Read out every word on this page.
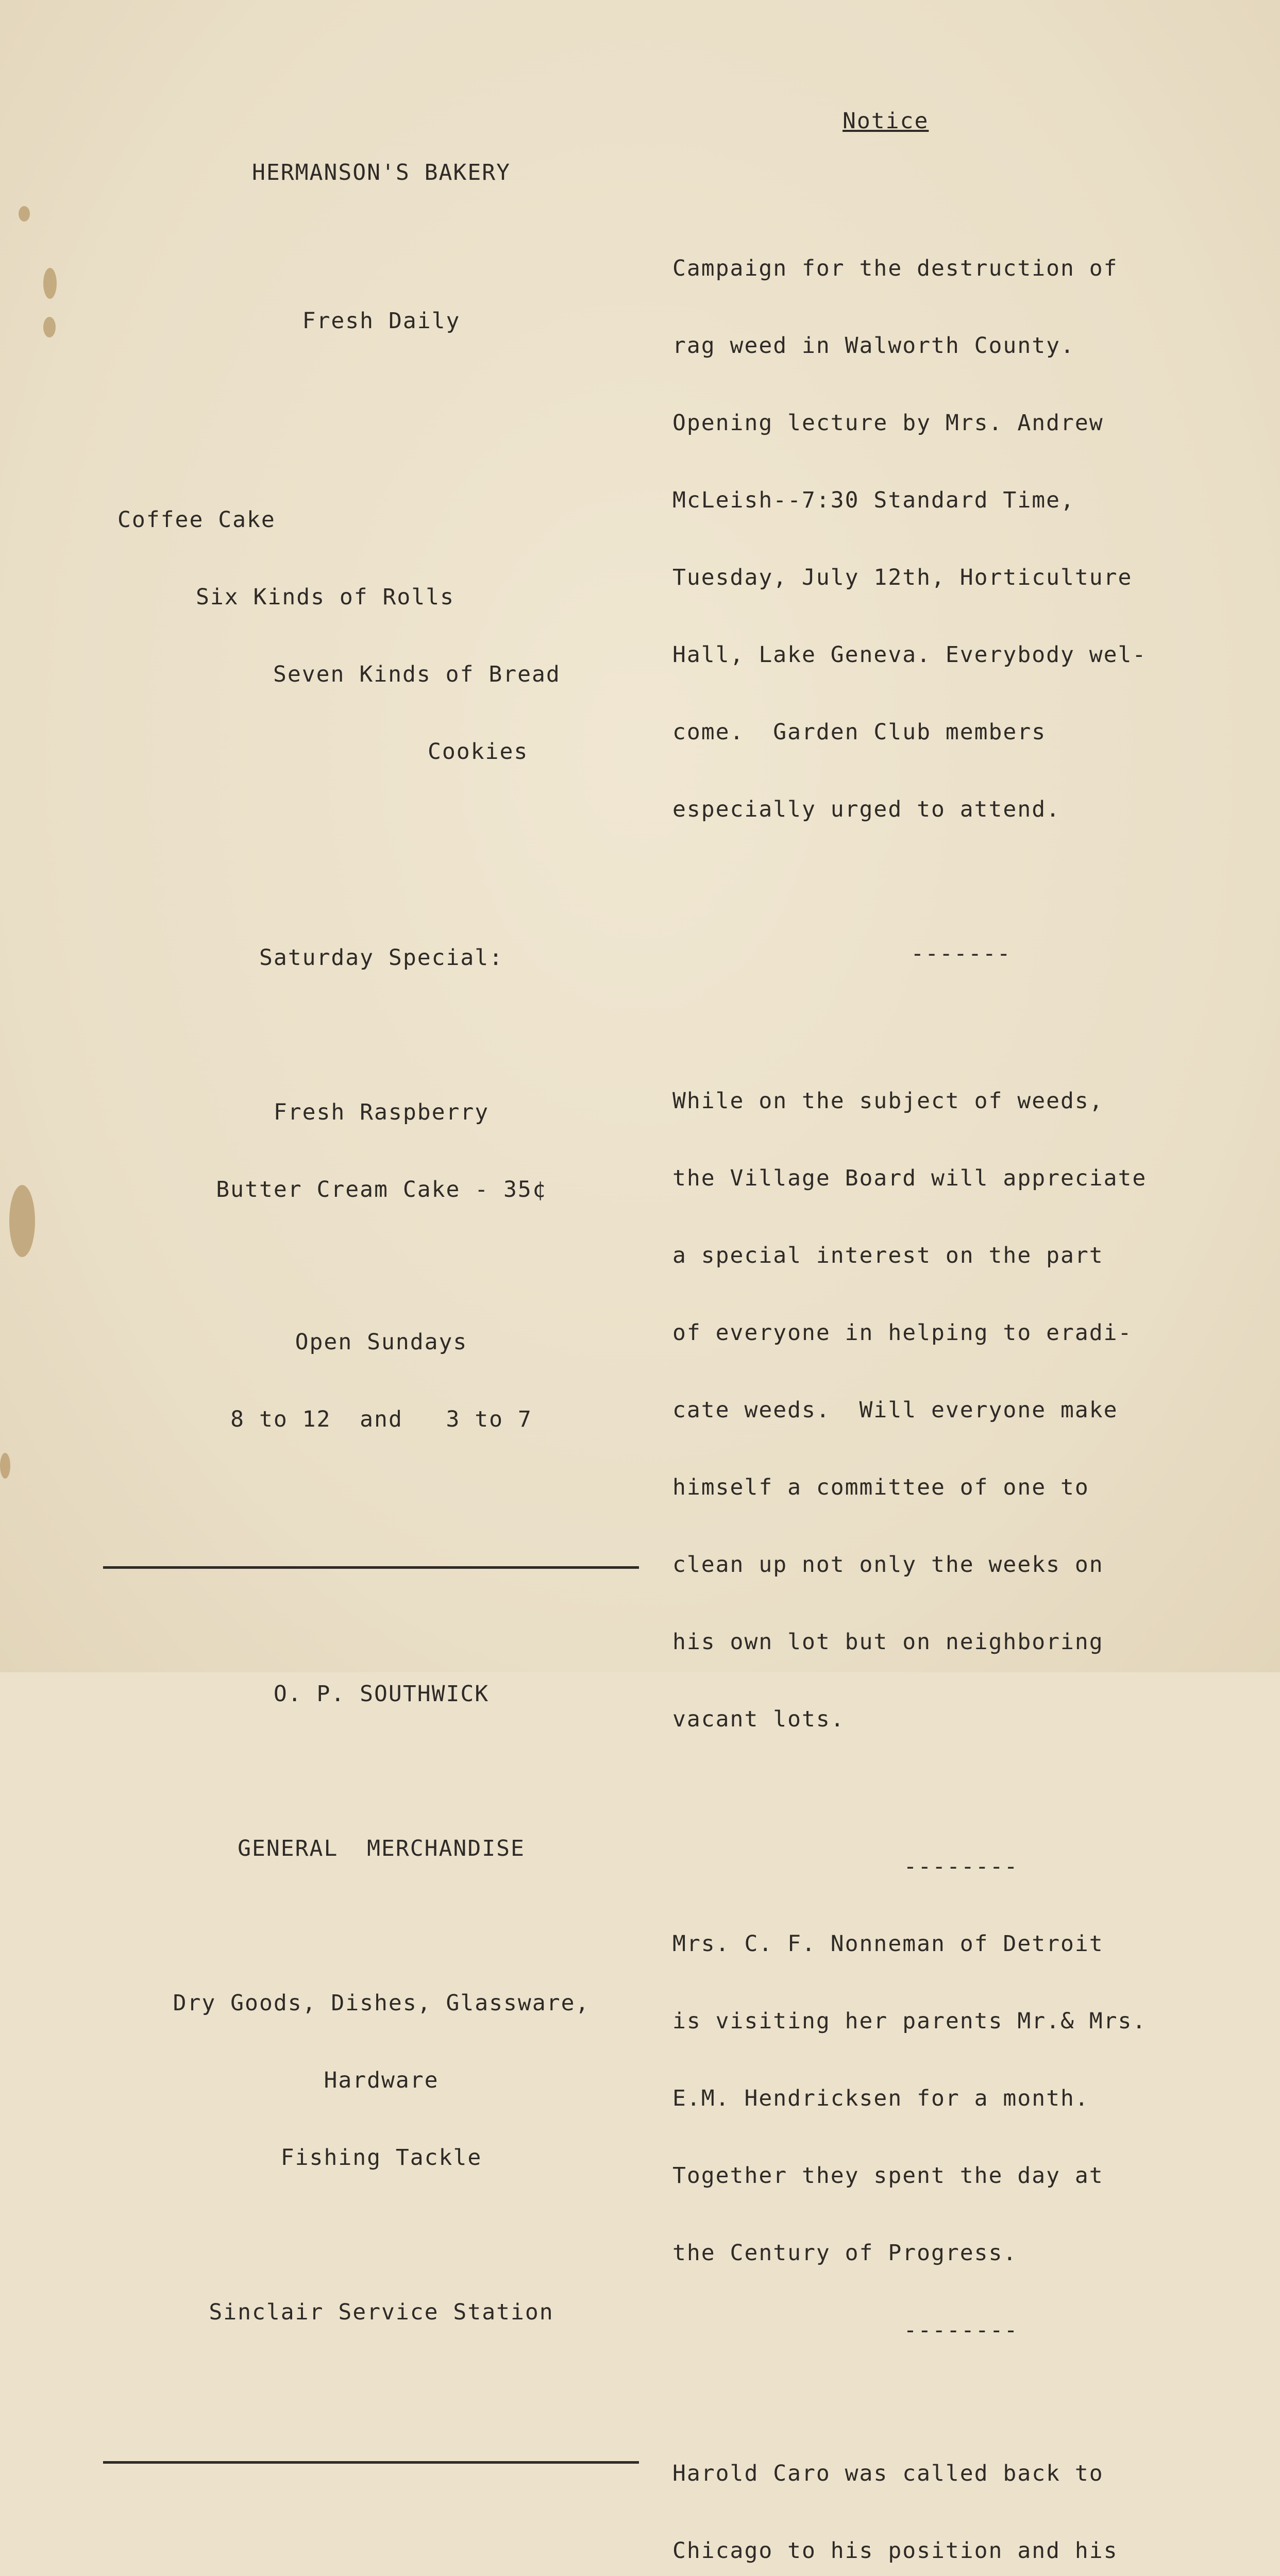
HERMANSON'S BAKERY

Fresh Daily

Coffee Cake

Six Kinds of Rolls

Seven Kinds of Bread

Cookies

Saturday Special:

Fresh Raspberry

Butter Cream Cake - 35¢

Open Sundays

8 to 12  and   3 to 7

O. P. SOUTHWICK

GENERAL  MERCHANDISE

Dry Goods, Dishes, Glassware,

Hardware

Fishing Tackle

Sinclair Service Station

Notice

Campaign for the destruction of

rag weed in Walworth County.

Opening lecture by Mrs. Andrew

McLeish--7:30 Standard Time,

Tuesday, July 12th, Horticulture

Hall, Lake Geneva. Everybody wel-

come.  Garden Club members

especially urged to attend.

-------

While on the subject of weeds,

the Village Board will appreciate

a special interest on the part

of everyone in helping to eradi-

cate weeds.  Will everyone make

himself a committee of one to

clean up not only the weeks on

his own lot but on neighboring

vacant lots.

--------

Mrs. C. F. Nonneman of Detroit

is visiting her parents Mr.& Mrs.

E.M. Hendricksen for a month.

Together they spent the day at

the Century of Progress.

--------

Harold Caro was called back to

Chicago to his position and his
